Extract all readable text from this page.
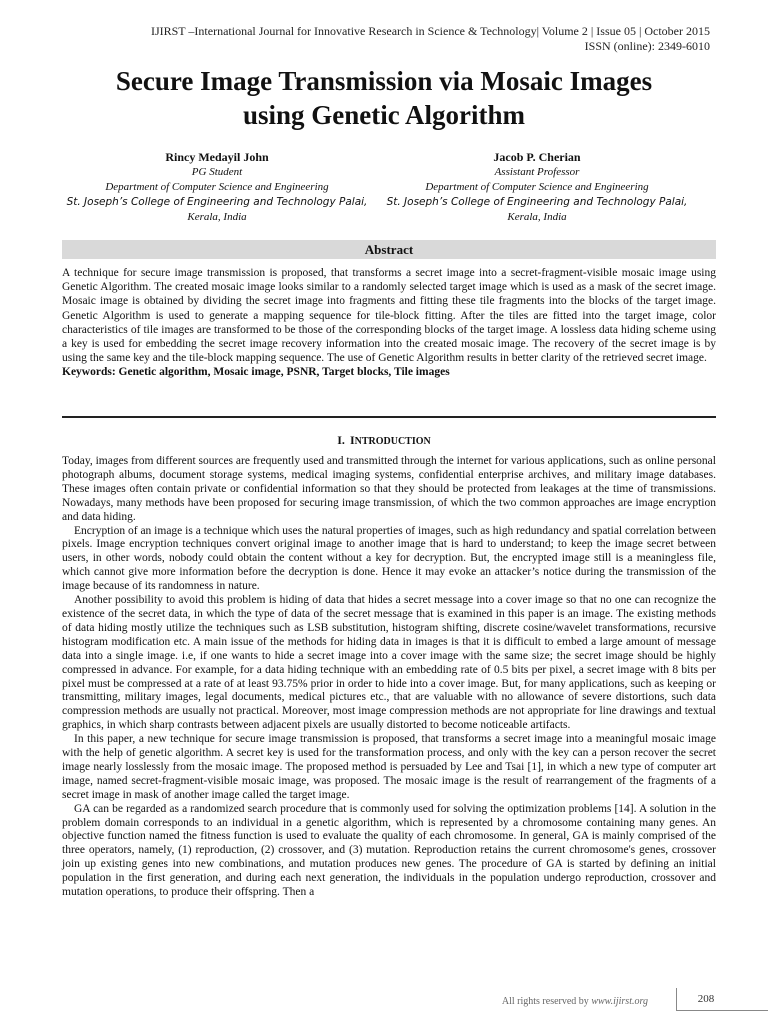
IJIRST –International Journal for Innovative Research in Science & Technology| Volume 2 | Issue 05 | October 2015
ISSN (online): 2349-6010
Secure Image Transmission via Mosaic Images
using Genetic Algorithm
Rincy Medayil John
PG Student
Department of Computer Science and Engineering
St. Joseph’s College of Engineering and Technology Palai,
Kerala, India
Jacob P. Cherian
Assistant Professor
Department of Computer Science and Engineering
St. Joseph’s College of Engineering and Technology Palai,
Kerala, India
Abstract
A technique for secure image transmission is proposed, that transforms a secret image into a secret-fragment-visible mosaic image using Genetic Algorithm. The created mosaic image looks similar to a randomly selected target image which is used as a mask of the secret image. Mosaic image is obtained by dividing the secret image into fragments and fitting these tile fragments into the blocks of the target image. Genetic Algorithm is used to generate a mapping sequence for tile-block fitting. After the tiles are fitted into the target image, color characteristics of tile images are transformed to be those of the corresponding blocks of the target image. A lossless data hiding scheme using a key is used for embedding the secret image recovery information into the created mosaic image. The recovery of the secret image is by using the same key and the tile-block mapping sequence. The use of Genetic Algorithm results in better clarity of the retrieved secret image.

Keywords: Genetic algorithm, Mosaic image, PSNR, Target blocks, Tile images

I. INTRODUCTION

Today, images from different sources are frequently used and transmitted through the internet for various applications, such as online personal photograph albums, document storage systems, medical imaging systems, confidential enterprise archives, and military image databases. These images often contain private or confidential information so that they should be protected from leakages at the time of transmissions. Nowadays, many methods have been proposed for securing image transmission, of which the two common approaches are image encryption and data hiding.

Encryption of an image is a technique which uses the natural properties of images, such as high redundancy and spatial correlation between pixels. Image encryption techniques convert original image to another image that is hard to understand; to keep the image secret between users, in other words, nobody could obtain the content without a key for decryption. But, the encrypted image still is a meaningless file, which cannot give more information before the decryption is done. Hence it may evoke an attacker’s notice during the transmission of the image because of its randomness in nature.

Another possibility to avoid this problem is hiding of data that hides a secret message into a cover image so that no one can recognize the existence of the secret data, in which the type of data of the secret message that is examined in this paper is an image. The existing methods of data hiding mostly utilize the techniques such as LSB substitution, histogram shifting, discrete cosine/wavelet transformations, recursive histogram modification etc. A main issue of the methods for hiding data in images is that it is difficult to embed a large amount of message data into a single image. i.e, if one wants to hide a secret image into a cover image with the same size; the secret image should be highly compressed in advance. For example, for a data hiding technique with an embedding rate of 0.5 bits per pixel, a secret image with 8 bits per pixel must be compressed at a rate of at least 93.75% prior in order to hide into a cover image. But, for many applications, such as keeping or transmitting, military images, legal documents, medical pictures etc., that are valuable with no allowance of severe distortions, such data compression methods are usually not practical. Moreover, most image compression methods are not appropriate for line drawings and textual graphics, in which sharp contrasts between adjacent pixels are usually distorted to become noticeable artifacts.

In this paper, a new technique for secure image transmission is proposed, that transforms a secret image into a meaningful mosaic image with the help of genetic algorithm. A secret key is used for the transformation process, and only with the key can a person recover the secret image nearly losslessly from the mosaic image. The proposed method is persuaded by Lee and Tsai [1], in which a new type of computer art image, named secret-fragment-visible mosaic image, was proposed. The mosaic image is the result of rearrangement of the fragments of a secret image in mask of another image called the target image.

GA can be regarded as a randomized search procedure that is commonly used for solving the optimization problems [14]. A solution in the problem domain corresponds to an individual in a genetic algorithm, which is represented by a chromosome containing many genes. An objective function named the fitness function is used to evaluate the quality of each chromosome. In general, GA is mainly comprised of the three operators, namely, (1) reproduction, (2) crossover, and (3) mutation. Reproduction retains the current chromosome's genes, crossover join up existing genes into new combinations, and mutation produces new genes. The procedure of GA is started by defining an initial population in the first generation, and during each next generation, the individuals in the population undergo reproduction, crossover and mutation operations, to produce their offspring. Then a

All rights reserved by www.ijirst.org	208
